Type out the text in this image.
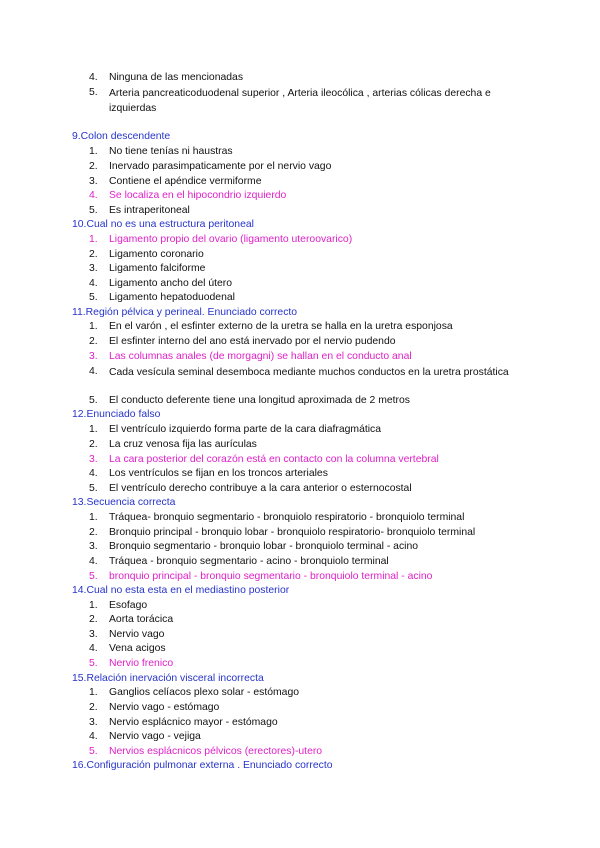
4. Ninguna de las mencionadas
5. Arteria pancreaticoduodenal superior , Arteria ileocólica , arterias cólicas derecha e izquierdas
9.Colon descendente
1. No tiene tenías ni haustras
2. Inervado parasimpaticamente por el nervio vago
3. Contiene el apéndice vermiforme
4. Se localiza en el hipocondrio izquierdo
5. Es intraperitoneal
10.Cual no es una estructura peritoneal
1. Ligamento propio del ovario (ligamento uteroovarico)
2. Ligamento coronario
3. Ligamento falciforme
4. Ligamento ancho del útero
5. Ligamento hepatoduodenal
11.Región pélvica y perineal. Enunciado correcto
1. En el varón , el esfinter externo de la uretra se halla en la uretra esponjosa
2. El esfinter interno del ano está inervado por el nervio pudendo
3. Las columnas anales (de morgagni) se hallan en el conducto anal
4. Cada vesícula seminal desemboca mediante muchos conductos en la uretra prostática
5. El conducto deferente tiene una longitud aproximada de 2 metros
12.Enunciado falso
1. El ventrículo izquierdo forma parte de la cara diafragmática
2. La cruz venosa fija las aurículas
3. La cara posterior del corazón está en contacto con la columna vertebral
4. Los ventrículos se fijan en los troncos arteriales
5. El ventrículo derecho contribuye a la cara anterior o esternocostal
13.Secuencia correcta
1. Tráquea- bronquio segmentario - bronquiolo respiratorio - bronquiolo terminal
2. Bronquio principal - bronquio lobar - bronquiolo respiratorio- bronquiolo terminal
3. Bronquio segmentario - bronquio lobar - bronquiolo terminal - acino
4. Tráquea - bronquio segmentario - acino - bronquiolo terminal
5. bronquio principal - bronquio segmentario - bronquiolo terminal - acino
14.Cual no esta esta en el mediastino posterior
1. Esofago
2. Aorta torácica
3. Nervio vago
4. Vena acigos
5. Nervio frenico
15.Relación inervación visceral incorrecta
1. Ganglios celíacos plexo solar - estómago
2. Nervio vago - estómago
3. Nervio esplácnico mayor - estómago
4. Nervio vago - vejiga
5. Nervios esplácnicos pélvicos (erectores)-utero
16.Configuración pulmonar externa . Enunciado correcto
